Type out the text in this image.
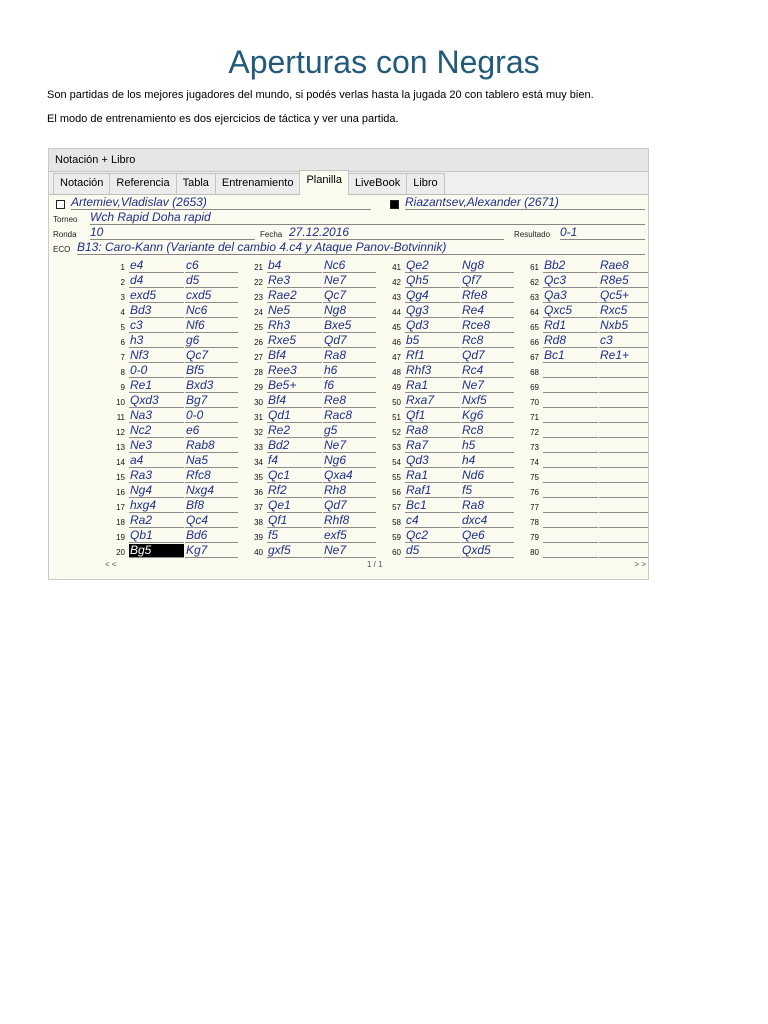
Aperturas con Negras
Son partidas de los mejores jugadores del mundo, si podés verlas hasta la jugada 20 con tablero está muy bien.
El modo de entrenamiento es dos ejercicios de táctica y ver una partida.
Notación + Libro
Notación	Referencia	Tabla	Entrenamiento	Planilla	LiveBook	Libro
Artemiev,Vladislav (2653)	Riazantsev,Alexander (2671)
Torneo Wch Rapid Doha rapid
Ronda 10	Fecha 27.12.2016	Resultado 0-1
ECO B13: Caro-Kann (Variante del cambio 4.c4 y Ataque Panov-Botvinnik)
1 e4	c6
2 d4	d5
3 exd5	cxd5
4 Bd3	Nc6
5 c3	Nf6
6 h3	g6
7 Nf3	Qc7
8 0-0	Bf5
9 Re1	Bxd3
10 Qxd3	Bg7
11 Na3	0-0
12 Nc2	e6
13 Ne3	Rab8
14 a4	Na5
15 Ra3	Rfc8
16 Ng4	Nxg4
17 hxg4	Bf8
18 Ra2	Qc4
19 Qb1	Bd6
20 Bg5	Kg7
21 b4	Nc6
22 Re3	Ne7
23 Rae2	Qc7
24 Ne5	Ng8
25 Rh3	Bxe5
26 Rxe5	Qd7
27 Bf4	Ra8
28 Ree3	h6
29 Be5+	f6
30 Bf4	Re8
31 Qd1	Rac8
32 Re2	g5
33 Bd2	Ne7
34 f4	Ng6
35 Qc1	Qxa4
36 Rf2	Rh8
37 Qe1	Qd7
38 Qf1	Rhf8
39 f5	exf5
40 gxf5	Ne7
41 Qe2	Ng8
42 Qh5	Qf7
43 Qg4	Rfe8
44 Qg3	Re4
45 Qd3	Rce8
46 b5	Rc8
47 Rf1	Qd7
48 Rhf3	Rc4
49 Ra1	Ne7
50 Rxa7	Nxf5
51 Qf1	Kg6
52 Ra8	Rc8
53 Ra7	h5
54 Qd3	h4
55 Ra1	Nd6
56 Raf1	f5
57 Bc1	Ra8
58 c4	dxc4
59 Qc2	Qe6
60 d5	Qxd5
61 Bb2	Rae8
62 Qc3	R8e5
63 Qa3	Qc5+
64 Qxc5	Rxc5
65 Rd1	Nxb5
66 Rd8	c3
67 Bc1	Re1+
68
69
70
71
72
73
74
75
76
77
78
79
80
< <	1 / 1	> >
